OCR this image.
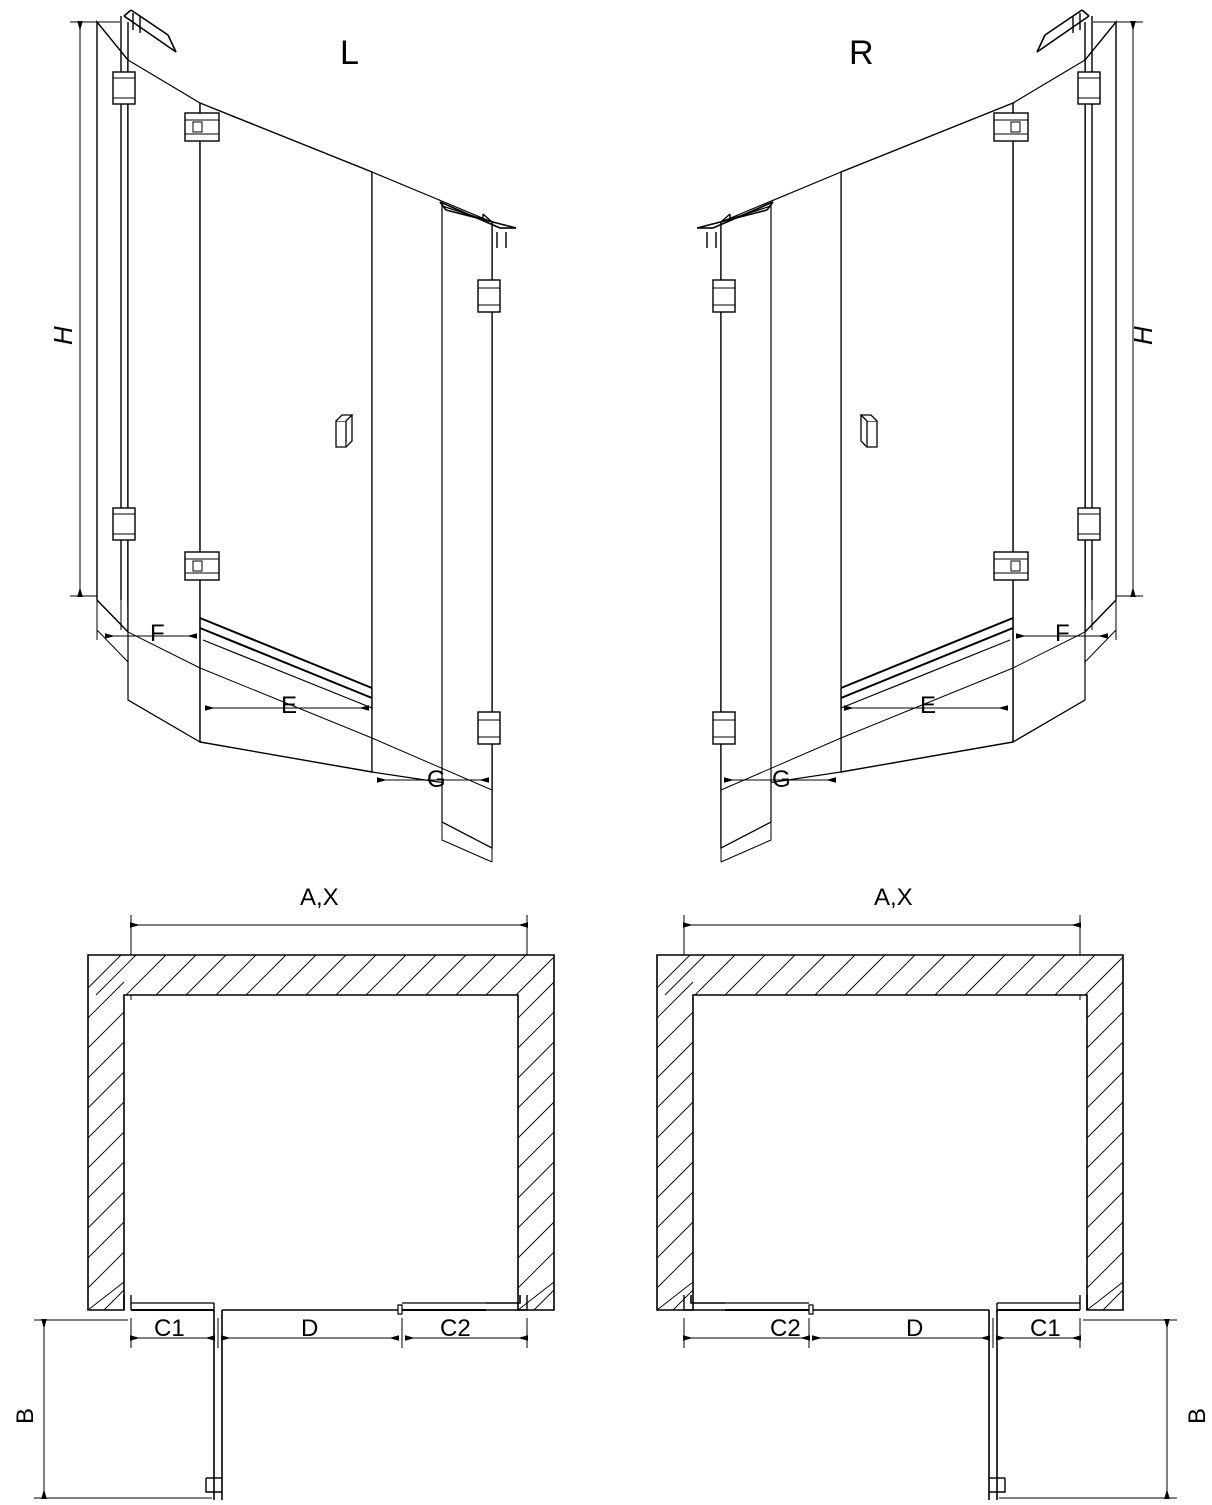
L
H
F
E
G
R
H
F
E
G
A,X
C1	D	C2
B
A,X
C2	D	C1
B
